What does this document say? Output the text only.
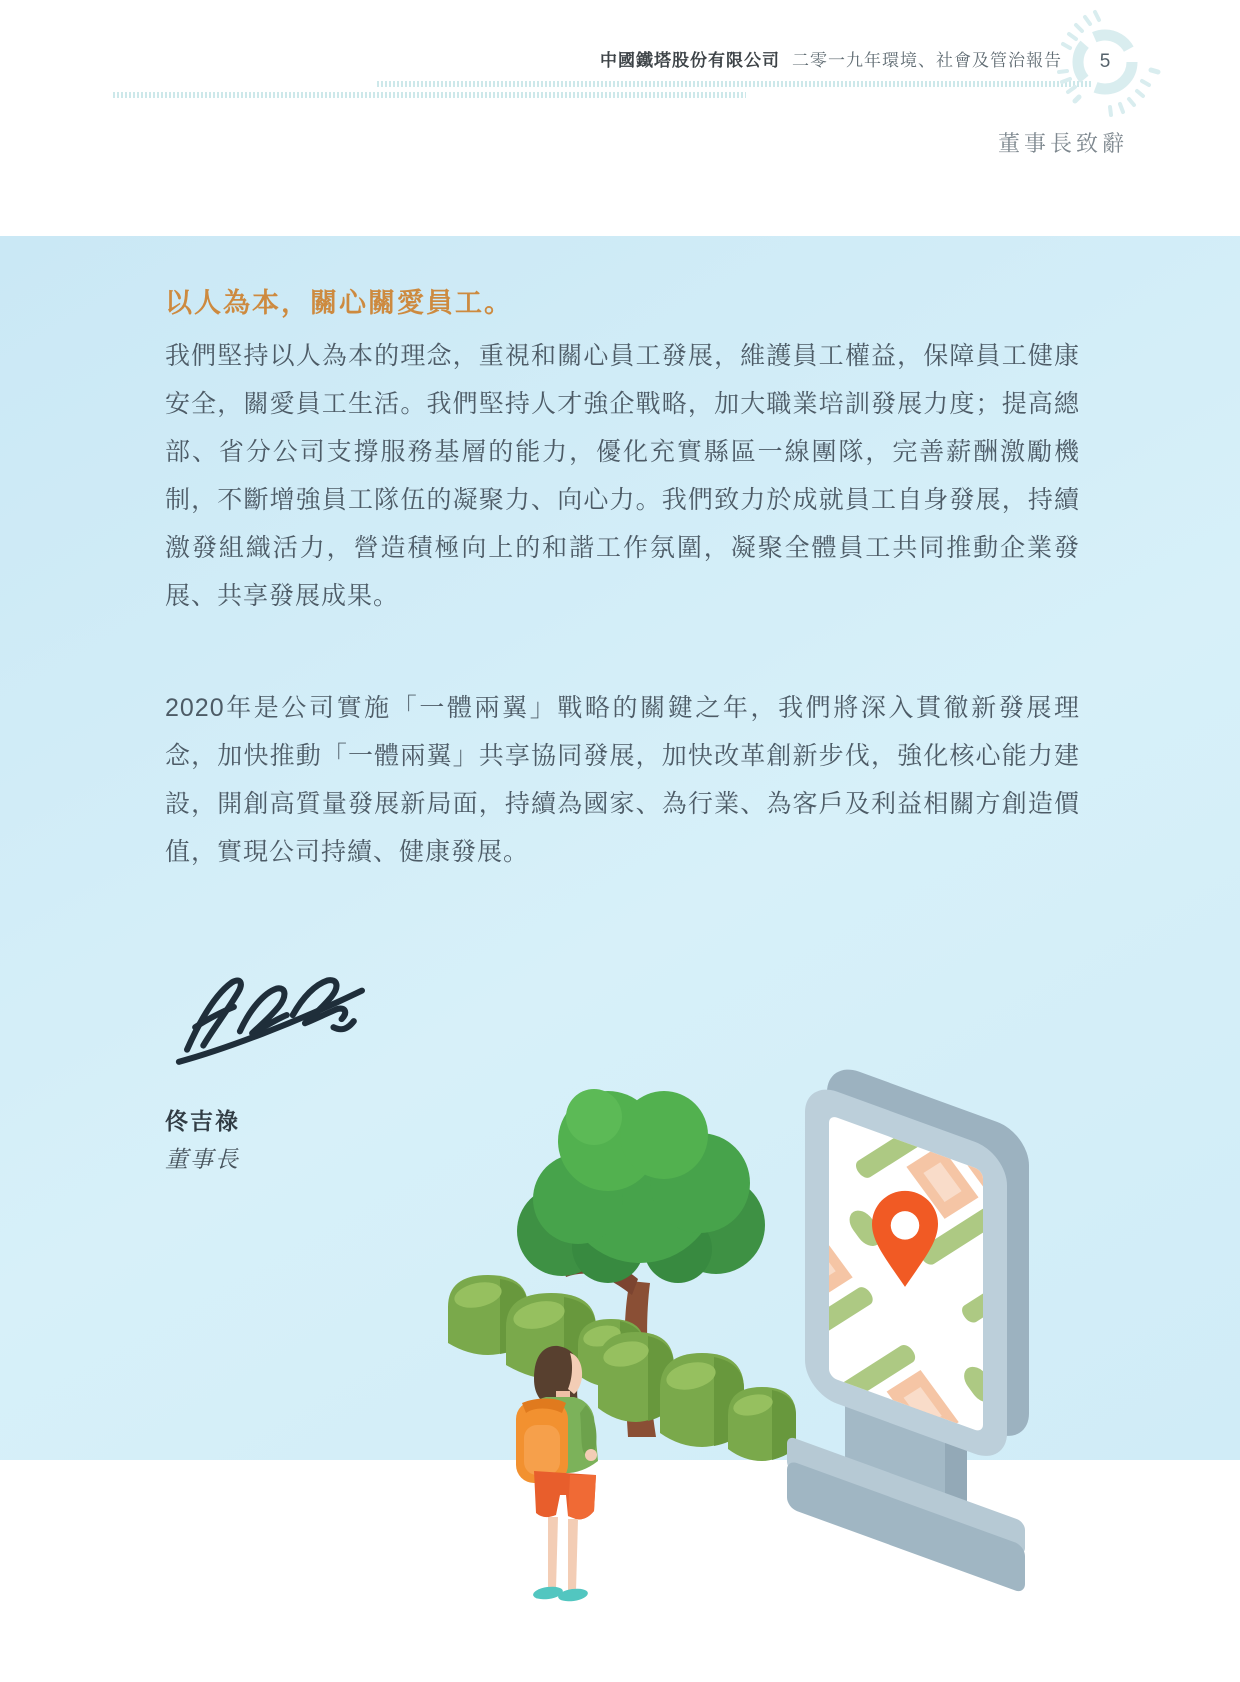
中國鐵塔股份有限公司 二零一九年環境、社會及管治報告	5
董事長致辭
以人為本，關心關愛員工。

我們堅持以人為本的理念，重視和關心員工發展，維護員工權益，保障員工健康安全，關愛員工生活。我們堅持人才強企戰略，加大職業培訓發展力度；提高總部、省分公司支撐服務基層的能力，優化充實縣區一線團隊，完善薪酬激勵機制，不斷增強員工隊伍的凝聚力、向心力。我們致力於成就員工自身發展，持續激發組織活力，營造積極向上的和諧工作氛圍，凝聚全體員工共同推動企業發展、共享發展成果。

2020年是公司實施「一體兩翼」戰略的關鍵之年，我們將深入貫徹新發展理念，加快推動「一體兩翼」共享協同發展，加快改革創新步伐，強化核心能力建設，開創高質量發展新局面，持續為國家、為行業、為客戶及利益相關方創造價值，實現公司持續、健康發展。

佟吉祿
董事長
